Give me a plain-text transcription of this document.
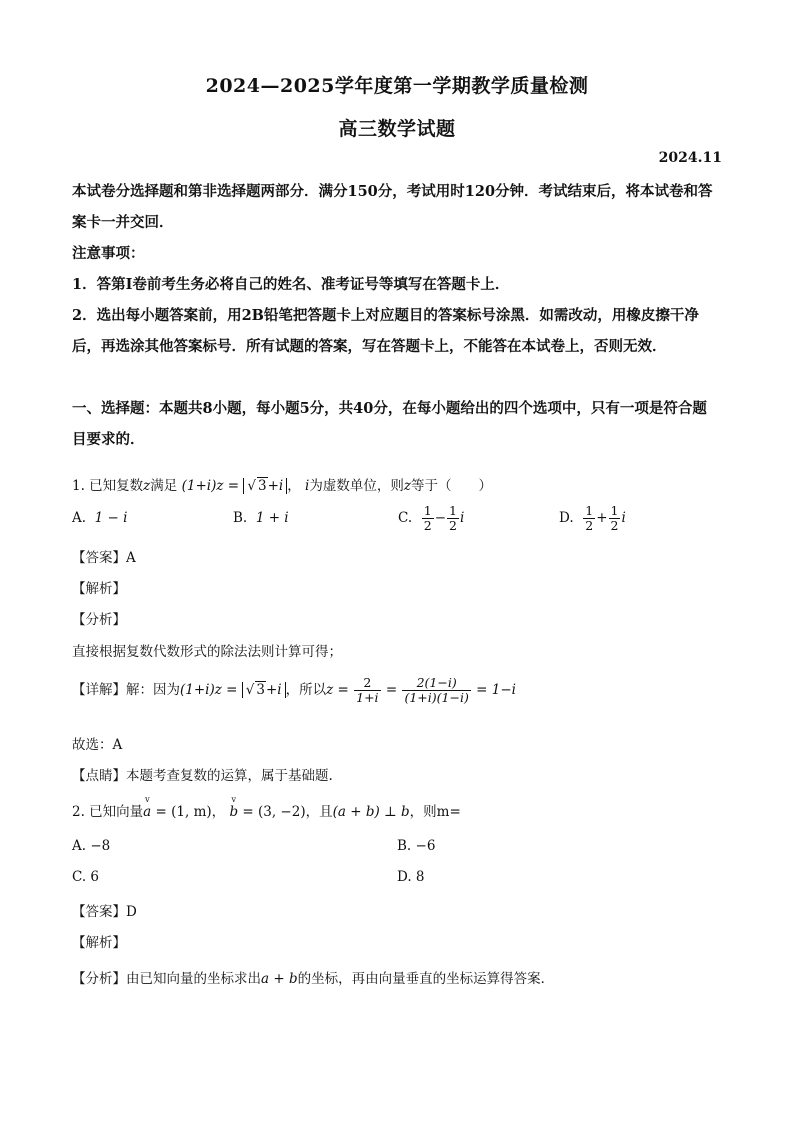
2024—2025学年度第一学期教学质量检测
高三数学试题
2024.11
本试卷分选择题和第非选择题两部分．满分150分，考试用时120分钟．考试结束后，将本试卷和答案卡一并交回．
注意事项：
1．答第I卷前考生务必将自己的姓名、准考证号等填写在答题卡上．
2．选出每小题答案前，用2B铅笔把答题卡上对应题目的答案标号涂黑．如需改动，用橡皮擦干净后，再选涂其他答案标号．所有试题的答案，写在答题卡上，不能答在本试卷上，否则无效．
一、选择题：本题共8小题，每小题5分，共40分，在每小题给出的四个选项中，只有一项是符合题目要求的．
1. 已知复数z满足 (1+i)z = √ 3+i ， i为虚数单位，则z等于（　　）
A. 1 − i	B. 1 + i	C. $\frac{1}{2} - \frac{1}{2}$ i	D. $\frac{1}{2} + \frac{1}{2}$ i
【答案】A
【解析】
【分析】
直接根据复数代数形式的除法法则计算可得；
【详解】解：因为(1+i)z = √ 3+i ，所以$z = \frac{2}{1+i} = \frac{2(1-i)}{(1+i)(1-i)} = 1-i$
故选：A
【点睛】本题考查复数的运算，属于基础题.
2. 已知向量v a = (1, m)， v b = (3, −2)，且(a + b) ⊥ b，则m=
A. −8	B. −6
C. 6	D. 8
【答案】D
【解析】
【分析】由已知向量的坐标求出a + b的坐标，再由向量垂直的坐标运算得答案．
